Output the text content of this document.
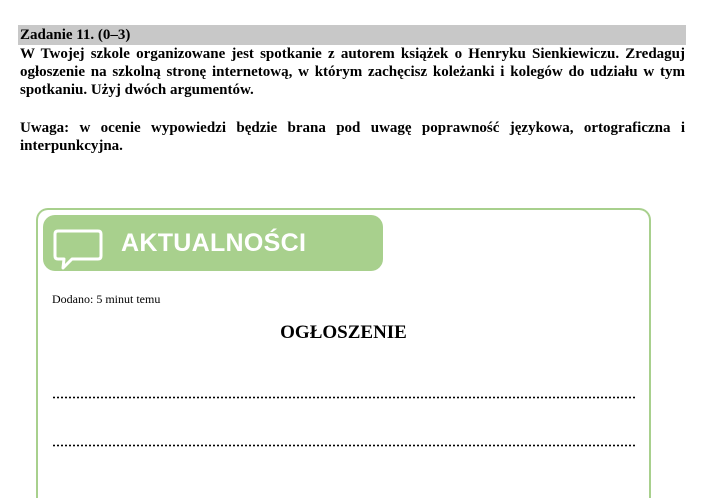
Zadanie 11. (0–3)

W Twojej szkole organizowane jest spotkanie z autorem książek o Henryku Sienkiewiczu. Zredaguj ogłoszenie na szkolną stronę internetową, w którym zachęcisz koleżanki i kolegów do udziału w tym spotkaniu. Użyj dwóch argumentów.

Uwaga: w ocenie wypowiedzi będzie brana pod uwagę poprawność językowa, ortograficzna i interpunkcyjna.

AKTUALNOŚCI
Dodano: 5 minut temu
OGŁOSZENIE
